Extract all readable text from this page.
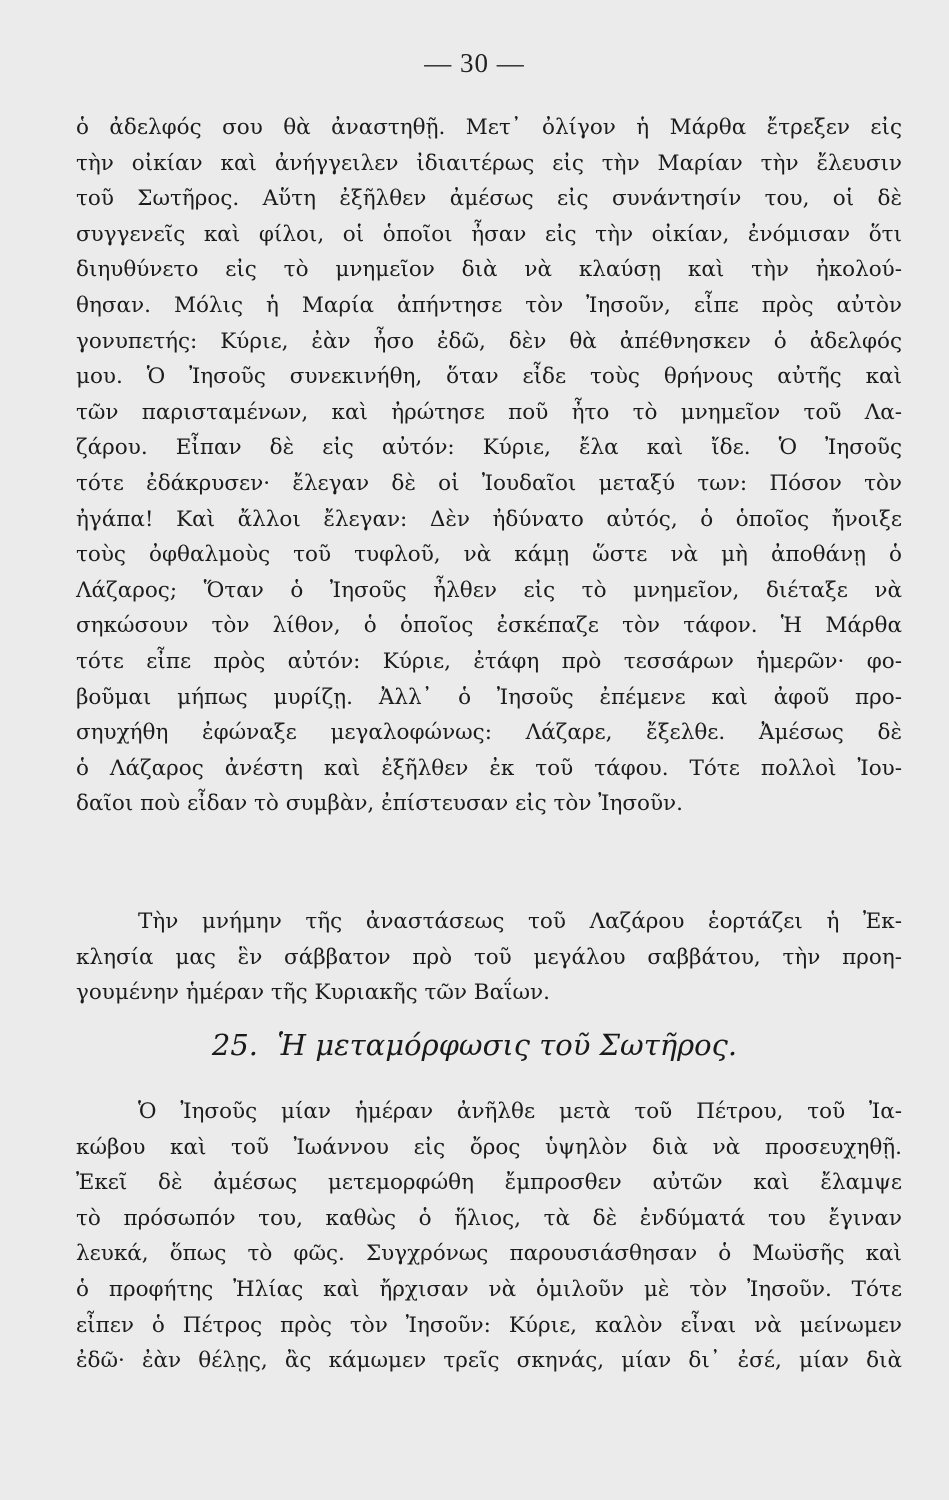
— 30 —
ὁ ἀδελφός σου θὰ ἀναστηθῇ. Μετ᾽ ὀλίγον ἡ Μάρθα ἔτρεξεν εἰς
τὴν οἰκίαν καὶ ἀνήγγειλεν ἰδιαιτέρως εἰς τὴν Μαρίαν τὴν ἔλευσιν
τοῦ Σωτῆρος. Αὕτη ἐξῆλθεν ἀμέσως εἰς συνάντησίν του, οἱ δὲ
συγγενεῖς καὶ φίλοι, οἱ ὁποῖοι ἦσαν εἰς τὴν οἰκίαν, ἐνόμισαν ὅτι
διηυθύνετο εἰς τὸ μνημεῖον διὰ νὰ κλαύσῃ καὶ τὴν ἠκολού-
θησαν. Μόλις ἡ Μαρία ἀπήντησε τὸν Ἰησοῦν, εἶπε πρὸς αὐτὸν
γονυπετής: Κύριε, ἐὰν ἦσο ἐδῶ, δὲν θὰ ἀπέθνησκεν ὁ ἀδελφός
μου. Ὁ Ἰησοῦς συνεκινήθη, ὅταν εἶδε τοὺς θρήνους αὐτῆς καὶ
τῶν παρισταμένων, καὶ ἠρώτησε ποῦ ἦτο τὸ μνημεῖον τοῦ Λα-
ζάρου. Εἶπαν δὲ εἰς αὐτόν: Κύριε, ἔλα καὶ ἴδε. Ὁ Ἰησοῦς
τότε ἐδάκρυσεν· ἔλεγαν δὲ οἱ Ἰουδαῖοι μεταξύ των: Πόσον τὸν
ἠγάπα! Καὶ ἄλλοι ἔλεγαν: Δὲν ἠδύνατο αὐτός, ὁ ὁποῖος ἤνοιξε
τοὺς ὀφθαλμοὺς τοῦ τυφλοῦ, νὰ κάμῃ ὥστε νὰ μὴ ἀποθάνῃ ὁ
Λάζαρος; Ὅταν ὁ Ἰησοῦς ἦλθεν εἰς τὸ μνημεῖον, διέταξε νὰ
σηκώσουν τὸν λίθον, ὁ ὁποῖος ἐσκέπαζε τὸν τάφον. Ἡ Μάρθα
τότε εἶπε πρὸς αὐτόν: Κύριε, ἐτάφη πρὸ τεσσάρων ἡμερῶν· φο-
βοῦμαι μήπως μυρίζῃ. Ἀλλ᾽ ὁ Ἰησοῦς ἐπέμενε καὶ ἀφοῦ προ-
σηυχήθη ἐφώναξε μεγαλοφώνως: Λάζαρε, ἔξελθε. Ἀμέσως δὲ
ὁ Λάζαρος ἀνέστη καὶ ἐξῆλθεν ἐκ τοῦ τάφου. Τότε πολλοὶ Ἰου-
δαῖοι ποὺ εἶδαν τὸ συμβὰν, ἐπίστευσαν εἰς τὸν Ἰησοῦν.
Τὴν μνήμην τῆς ἀναστάσεως τοῦ Λαζάρου ἑορτάζει ἡ Ἐκ-
κλησία μας ἓν σάββατον πρὸ τοῦ μεγάλου σαββάτου, τὴν προη-
γουμένην ἡμέραν τῆς Κυριακῆς τῶν Βαΐων.
25. Ἡ μεταμόρφωσις τοῦ Σωτῆρος.
Ὁ Ἰησοῦς μίαν ἡμέραν ἀνῆλθε μετὰ τοῦ Πέτρου, τοῦ Ἰα-
κώβου καὶ τοῦ Ἰωάννου εἰς ὄρος ὑψηλὸν διὰ νὰ προσευχηθῇ.
Ἐκεῖ δὲ ἀμέσως μετεμορφώθη ἔμπροσθεν αὐτῶν καὶ ἔλαμψε
τὸ πρόσωπόν του, καθὼς ὁ ἥλιος, τὰ δὲ ἐνδύματά του ἔγιναν
λευκά, ὅπως τὸ φῶς. Συγχρόνως παρουσιάσθησαν ὁ Μωϋσῆς καὶ
ὁ προφήτης Ἠλίας καὶ ἤρχισαν νὰ ὁμιλοῦν μὲ τὸν Ἰησοῦν. Τότε
εἶπεν ὁ Πέτρος πρὸς τὸν Ἰησοῦν: Κύριε, καλὸν εἶναι νὰ μείνωμεν
ἐδῶ· ἐὰν θέλῃς, ἂς κάμωμεν τρεῖς σκηνάς, μίαν δι᾽ ἐσέ, μίαν διὰ
